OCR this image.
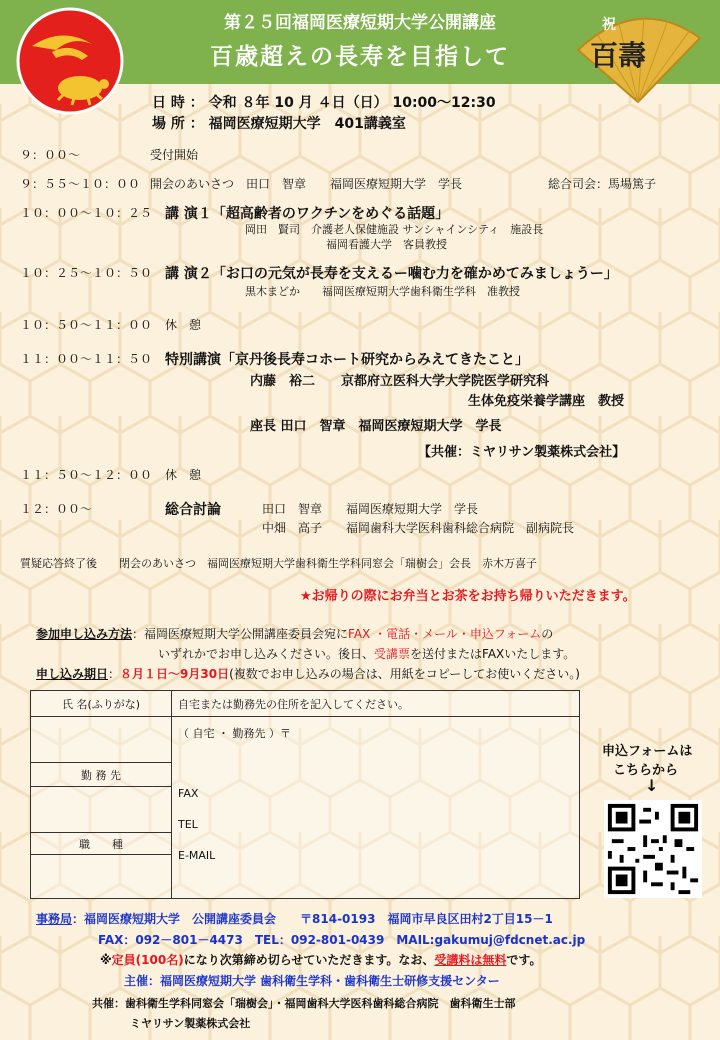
祝
百壽
第２５回福岡医療短期大学公開講座
百歳超えの長寿を目指して
日 時 ： 令和 ８年 10 月 ４日（日） 10:00～12:30
場 所 ： 福岡医療短期大学　401講義室
９：００～	受付開始
９：５５～１０：００ 開会のあいさつ　田口　智章　　福岡医療短期大学　学長	総合司会：馬場篤子
１０：００～１０：２５ 講 演１「超高齢者のワクチンをめぐる話題」
岡田　賢司　介護老人保健施設 サンシャインシティ　施設長
福岡看護大学　客員教授
１０：２５～１０：５０ 講 演２「お口の元気が長寿を支えるー噛む力を確かめてみましょうー」
黒木まどか　　福岡医療短期大学歯科衛生学科　准教授
１０：５０～１１：００ 休　憩
１１：００～１１：５０ 特別講演「京丹後長寿コホート研究からみえてきたこと」
内藤　裕二　　京都府立医科大学大学院医学研究科
生体免疫栄養学講座　教授
座長 田口　智章　福岡医療短期大学　学長
【共催：ミヤリサン製薬株式会社】
１１：５０～１２：００ 休　憩
１２：００～	総合討論	田口　智章　　福岡医療短期大学　学長
中畑　高子　　福岡歯科大学医科歯科総合病院　副病院長
質疑応答終了後　　閉会のあいさつ　福岡医療短期大学歯科衛生学科同窓会「瑞樹会」会長　赤木万喜子
★お帰りの際にお弁当とお茶をお持ち帰りいただきます。
参加申し込み方法：福岡医療短期大学公開講座委員会宛にFAX ・電話・メール・申込フォームの
いずれかでお申し込みください。後日、受講票を送付またはFAXいたします。
申し込み期日：８月１日～9月30日(複数でお申し込みの場合は、用紙をコピーしてお使いください。)
氏 名(ふりがな)	自宅または勤務先の住所を記入してください。

	（ 自宅 ・ 勤務先 ）〒
FAX
TEL
E-MAIL

勤 務 先	

職　　種	

申込フォームは
こちらから
↓
事務局：福岡医療短期大学　公開講座委員会　　〒814-0193　福岡市早良区田村2丁目15－1
FAX：092－801－4473　TEL：092-801-0439　MAIL:gakumuj@fdcnet.ac.jp
※定員(100名)になり次第締め切らせていただきます。なお、受講料は無料です。
主催：福岡医療短期大学 歯科衛生学科・歯科衛生士研修支援センター
共催：歯科衛生学科同窓会「瑞樹会」・福岡歯科大学医科歯科総合病院　歯科衛生士部
ミヤリサン製薬株式会社
